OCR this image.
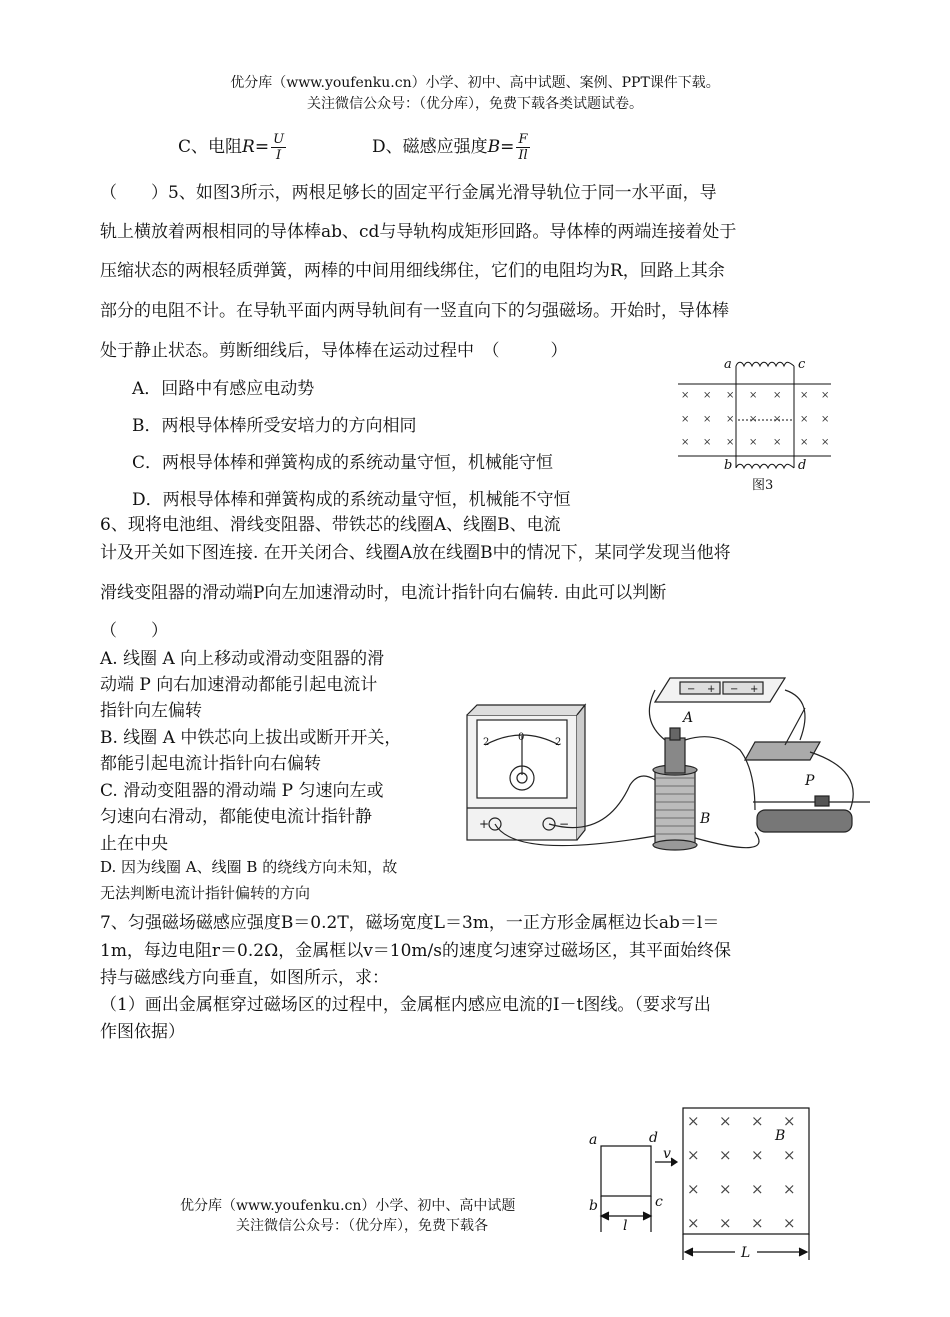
优分库（www.youfenku.cn）小学、初中、高中试题、案例、PPT课件下载。
关注微信公众号：（优分库），免费下载各类试题试卷。
C、电阻$R= \frac{U}{I}$	D、磁感应强度$B= \frac{F}{Il}$
（　　）5、如图3所示，两根足够长的固定平行金属光滑导轨位于同一水平面，导
轨上横放着两根相同的导体棒ab、cd与导轨构成矩形回路。导体棒的两端连接着处于
压缩状态的两根轻质弹簧，两棒的中间用细线绑住，它们的电阻均为R，回路上其余
部分的电阻不计。在导轨平面内两导轨间有一竖直向下的匀强磁场。开始时，导体棒
处于静止状态。剪断细线后，导体棒在运动过程中　（　　　）
A．回路中有感应电动势
B．两根导体棒所受安培力的方向相同
C．两根导体棒和弹簧构成的系统动量守恒，机械能守恒
D．两根导体棒和弹簧构成的系统动量守恒，机械能不守恒
× × × × × × ×
× × × × × × ×
× × × × × × ×
a	c
b	d
图3
6、现将电池组、滑线变阻器、带铁芯的线圈A、线圈B、电流
计及开关如下图连接. 在开关闭合、线圈A放在线圈B中的情况下，某同学发现当他将
滑线变阻器的滑动端P向左加速滑动时，电流计指针向右偏转. 由此可以判断
（　　）
A. 线圈 A 向上移动或滑动变阻器的滑
动端 P 向右加速滑动都能引起电流计
指针向左偏转
B. 线圈 A 中铁芯向上拔出或断开开关，
都能引起电流计指针向右偏转
C. 滑动变阻器的滑动端 P 匀速向左或
匀速向右滑动，都能使电流计指针静
止在中央
D. 因为线圈 A、线圈 B 的绕线方向未知，故
无法判断电流计指针偏转的方向
A
B
P
2	0	2
+	−
− + − +
7、匀强磁场磁感应强度B＝0.2T，磁场宽度L＝3m，一正方形金属框边长ab＝l＝
1m，每边电阻r＝0.2Ω，金属框以v＝10m/s的速度匀速穿过磁场区，其平面始终保
持与磁感线方向垂直，如图所示，求：
（1）画出金属框穿过磁场区的过程中，金属框内感应电流的I－t图线。（要求写出
作图依据）
× × × ×
× × × ×
× × × ×
× × × ×
a	d
b	c
v
B
l
L
优分库（www.youfenku.cn）小学、初中、高中试题
关注微信公众号：（优分库），免费下载各
